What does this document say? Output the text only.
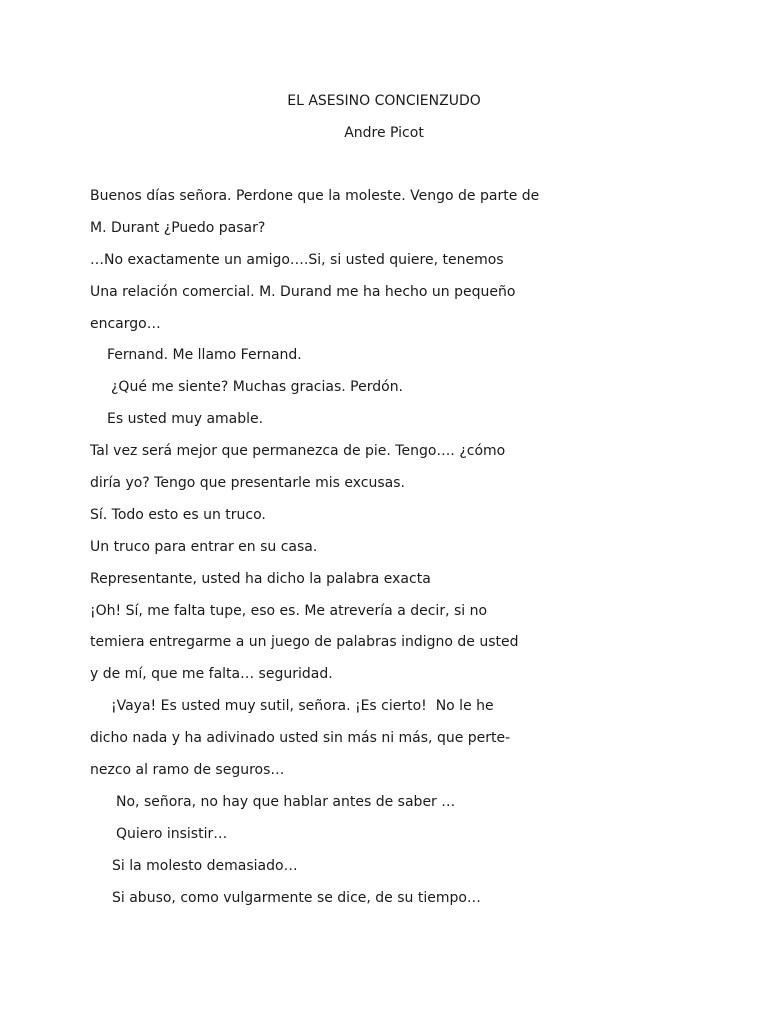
EL ASESINO CONCIENZUDO
Andre Picot
Buenos días señora. Perdone que la moleste. Vengo de parte de
M. Durant ¿Puedo pasar?
…No exactamente un amigo….Si, si usted quiere, tenemos
Una relación comercial. M. Durand me ha hecho un pequeño
encargo…
Fernand. Me llamo Fernand.
¿Qué me siente? Muchas gracias. Perdón.
Es usted muy amable.
Tal vez será mejor que permanezca de pie. Tengo…. ¿cómo
diría yo? Tengo que presentarle mis excusas.
Sí. Todo esto es un truco.
Un truco para entrar en su casa.
Representante, usted ha dicho la palabra exacta
¡Oh! Sí, me falta tupe, eso es. Me atrevería a decir, si no
temiera entregarme a un juego de palabras indigno de usted
y de mí, que me falta… seguridad.
¡Vaya! Es usted muy sutil, señora. ¡Es cierto!  No le he
dicho nada y ha adivinado usted sin más ni más, que perte-
nezco al ramo de seguros…
No, señora, no hay que hablar antes de saber …
Quiero insistir…
Si la molesto demasiado…
Si abuso, como vulgarmente se dice, de su tiempo…
